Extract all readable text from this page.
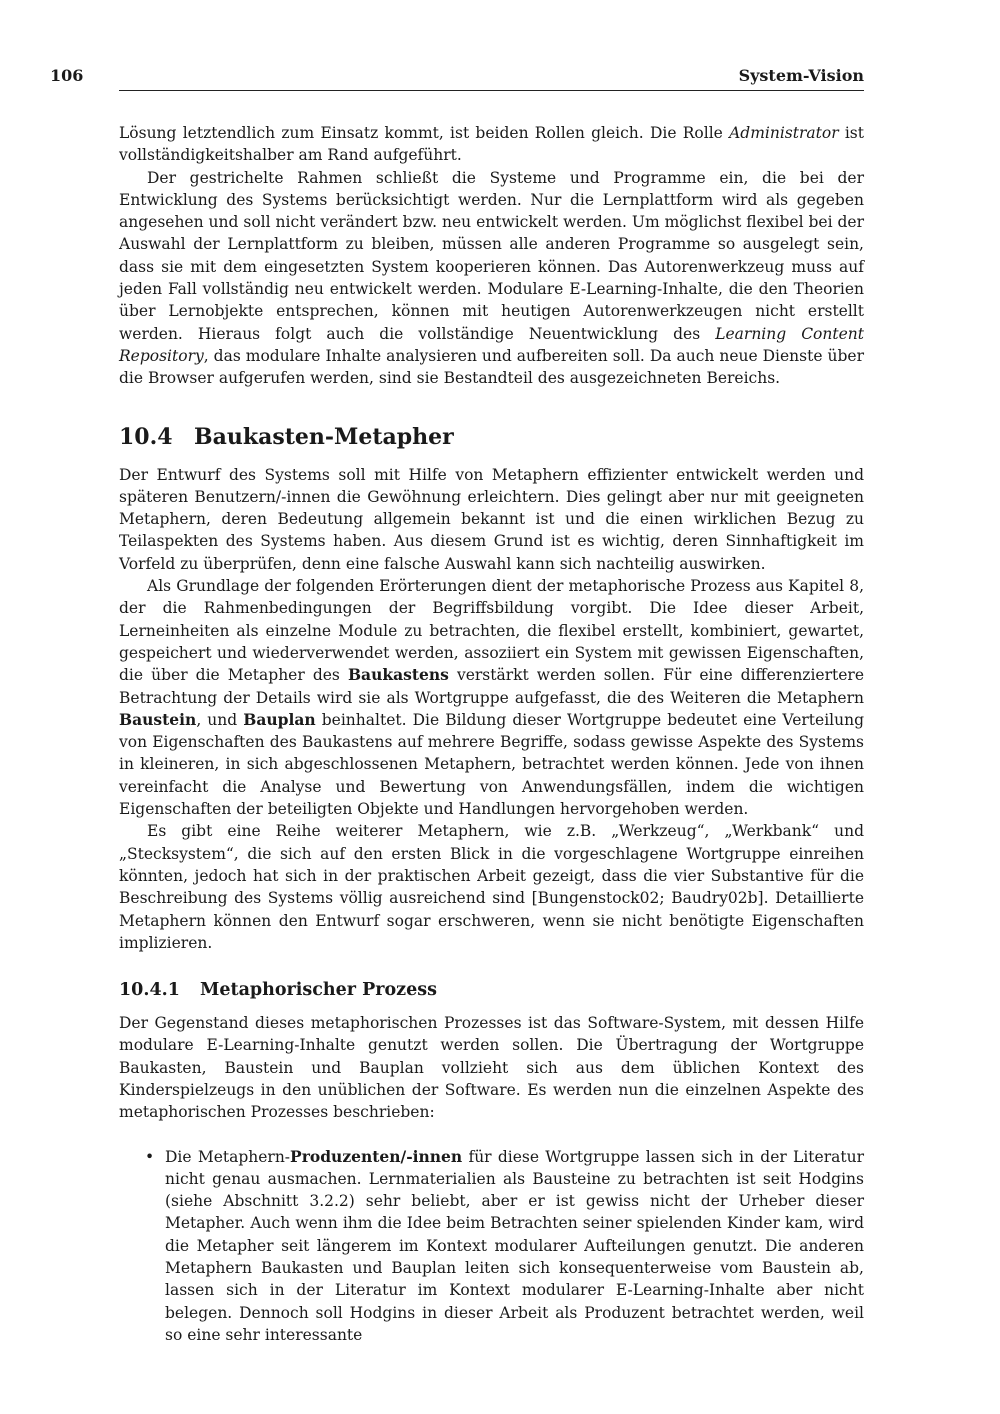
106	System-Vision

Lösung letztendlich zum Einsatz kommt, ist beiden Rollen gleich. Die Rolle Administrator ist vollständigkeitshalber am Rand aufgeführt.

Der gestrichelte Rahmen schließt die Systeme und Programme ein, die bei der Entwicklung des Systems berücksichtigt werden. Nur die Lernplattform wird als gegeben angesehen und soll nicht verändert bzw. neu entwickelt werden. Um möglichst flexibel bei der Auswahl der Lernplattform zu bleiben, müssen alle anderen Programme so ausgelegt sein, dass sie mit dem eingesetzten System kooperieren können. Das Autorenwerkzeug muss auf jeden Fall vollständig neu entwickelt werden. Modulare E-Learning-Inhalte, die den Theorien über Lernobjekte entsprechen, können mit heutigen Autorenwerkzeugen nicht erstellt werden. Hieraus folgt auch die vollständige Neuentwicklung des Learning Content Repository, das modulare Inhalte analysieren und aufbereiten soll. Da auch neue Dienste über die Browser aufgerufen werden, sind sie Bestandteil des ausgezeichneten Bereichs.

10.4 Baukasten-Metapher

Der Entwurf des Systems soll mit Hilfe von Metaphern effizienter entwickelt werden und späteren Benutzern/-innen die Gewöhnung erleichtern. Dies gelingt aber nur mit geeigneten Metaphern, deren Bedeutung allgemein bekannt ist und die einen wirklichen Bezug zu Teilaspekten des Systems haben. Aus diesem Grund ist es wichtig, deren Sinnhaftigkeit im Vorfeld zu überprüfen, denn eine falsche Auswahl kann sich nachteilig auswirken.

Als Grundlage der folgenden Erörterungen dient der metaphorische Prozess aus Kapitel 8, der die Rahmenbedingungen der Begriffsbildung vorgibt. Die Idee dieser Arbeit, Lerneinheiten als einzelne Module zu betrachten, die flexibel erstellt, kombiniert, gewartet, gespeichert und wiederverwendet werden, assoziiert ein System mit gewissen Eigenschaften, die über die Metapher des Baukastens verstärkt werden sollen. Für eine differenziertere Betrachtung der Details wird sie als Wortgruppe aufgefasst, die des Weiteren die Metaphern Baustein, und Bauplan beinhaltet. Die Bildung dieser Wortgruppe bedeutet eine Verteilung von Eigenschaften des Baukastens auf mehrere Begriffe, sodass gewisse Aspekte des Systems in kleineren, in sich abgeschlossenen Metaphern, betrachtet werden können. Jede von ihnen vereinfacht die Analyse und Bewertung von Anwendungsfällen, indem die wichtigen Eigenschaften der beteiligten Objekte und Handlungen hervorgehoben werden.

Es gibt eine Reihe weiterer Metaphern, wie z.B. „Werkzeug“, „Werkbank“ und „Stecksystem“, die sich auf den ersten Blick in die vorgeschlagene Wortgruppe einreihen könnten, jedoch hat sich in der praktischen Arbeit gezeigt, dass die vier Substantive für die Beschreibung des Systems völlig ausreichend sind [Bungenstock02; Baudry02b]. Detaillierte Metaphern können den Entwurf sogar erschweren, wenn sie nicht benötigte Eigenschaften implizieren.

10.4.1 Metaphorischer Prozess

Der Gegenstand dieses metaphorischen Prozesses ist das Software-System, mit dessen Hilfe modulare E-Learning-Inhalte genutzt werden sollen. Die Übertragung der Wortgruppe Baukasten, Baustein und Bauplan vollzieht sich aus dem üblichen Kontext des Kinderspielzeugs in den unüblichen der Software. Es werden nun die einzelnen Aspekte des metaphorischen Prozesses beschrieben:

• Die Metaphern-Produzenten/-innen für diese Wortgruppe lassen sich in der Literatur nicht genau ausmachen. Lernmaterialien als Bausteine zu betrachten ist seit Hodgins (siehe Abschnitt 3.2.2) sehr beliebt, aber er ist gewiss nicht der Urheber dieser Metapher. Auch wenn ihm die Idee beim Betrachten seiner spielenden Kinder kam, wird die Metapher seit längerem im Kontext modularer Aufteilungen genutzt. Die anderen Metaphern Baukasten und Bauplan leiten sich konsequenterweise vom Baustein ab, lassen sich in der Literatur im Kontext modularer E-Learning-Inhalte aber nicht belegen. Dennoch soll Hodgins in dieser Arbeit als Produzent betrachtet werden, weil so eine sehr interessante
